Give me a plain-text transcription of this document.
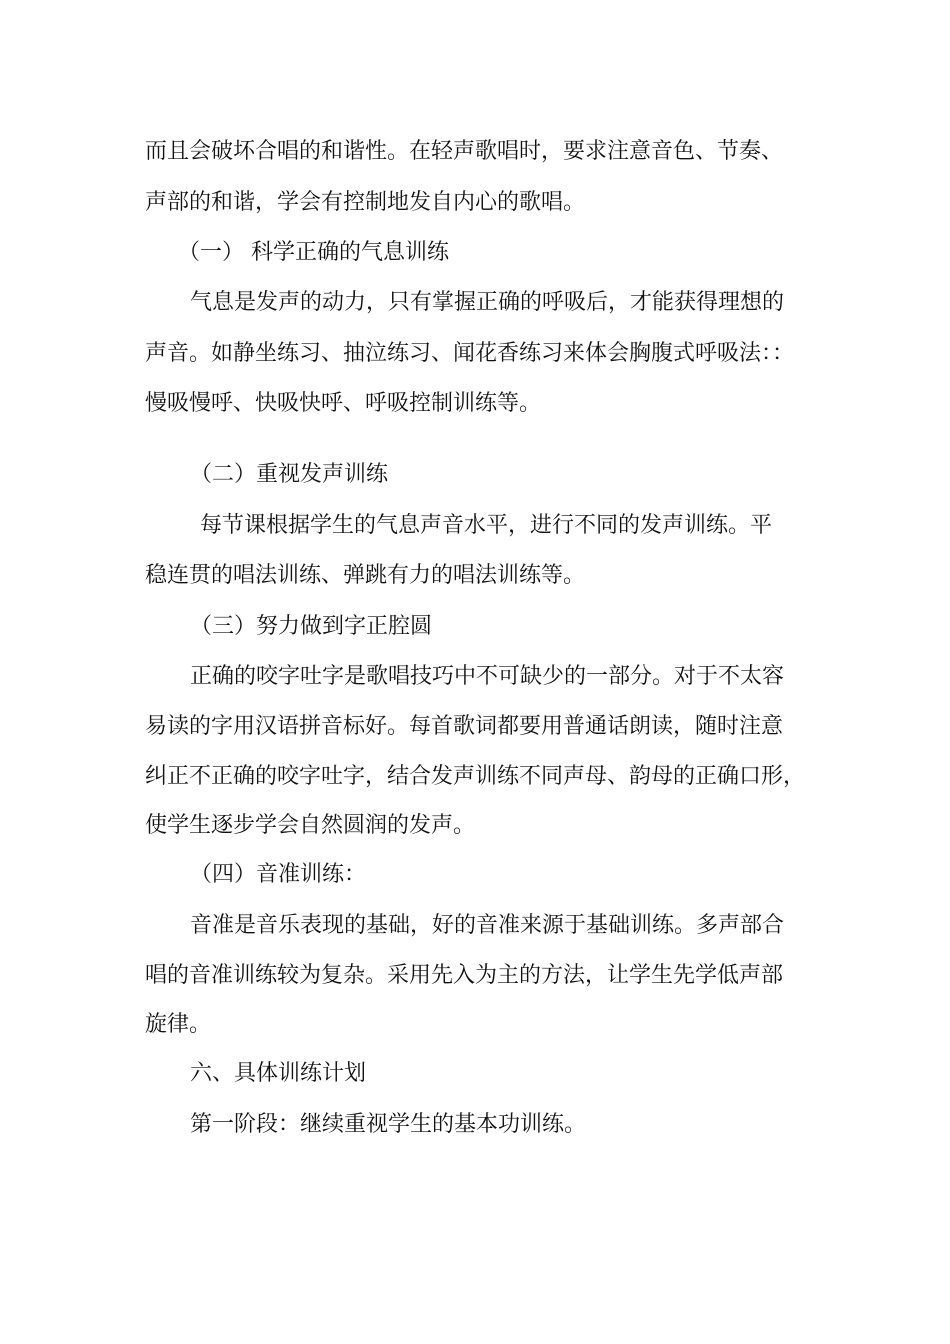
而且会破坏合唱的和谐性。在轻声歌唱时，要求注意音色、节奏、
声部的和谐，学会有控制地发自内心的歌唱。
（一） 科学正确的气息训练
气息是发声的动力，只有掌握正确的呼吸后，才能获得理想的
声音。如静坐练习、抽泣练习、闻花香练习来体会胸腹式呼吸法：：
慢吸慢呼、快吸快呼、呼吸控制训练等。
（二）重视发声训练
每节课根据学生的气息声音水平，进行不同的发声训练。平
稳连贯的唱法训练、弹跳有力的唱法训练等。
（三）努力做到字正腔圆
正确的咬字吐字是歌唱技巧中不可缺少的一部分。对于不太容
易读的字用汉语拼音标好。每首歌词都要用普通话朗读，随时注意
纠正不正确的咬字吐字，结合发声训练不同声母、韵母的正确口形，
使学生逐步学会自然圆润的发声。
（四）音准训练：
音准是音乐表现的基础，好的音准来源于基础训练。多声部合
唱的音准训练较为复杂。采用先入为主的方法，让学生先学低声部
旋律。
六、具体训练计划
第一阶段：继续重视学生的基本功训练。
